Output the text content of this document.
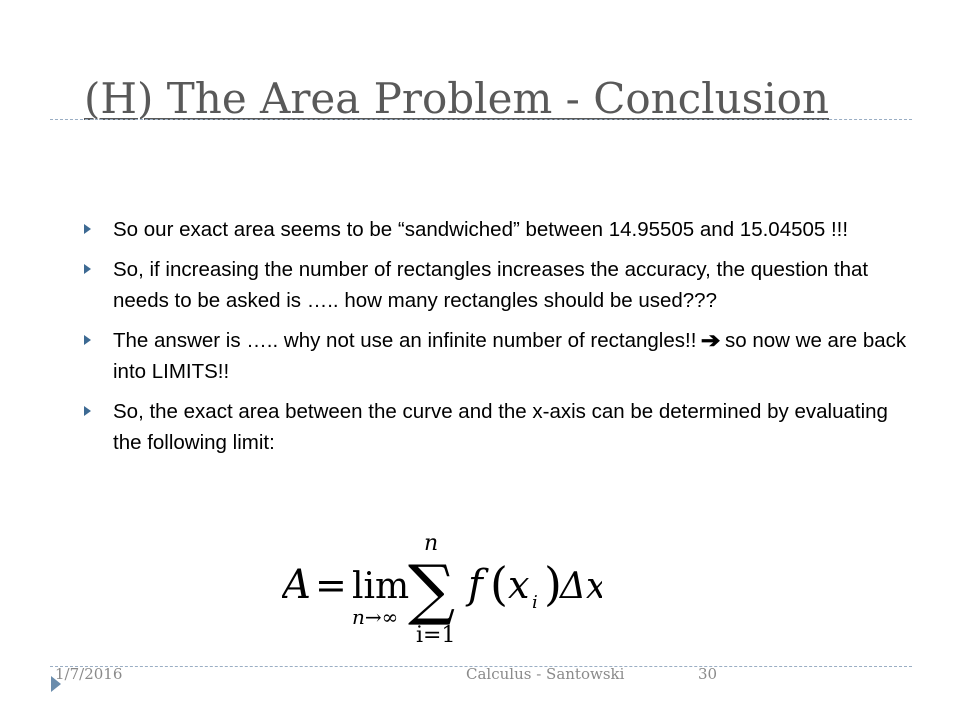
(H) The Area Problem - Conclusion
So our exact area seems to be “sandwiched” between 14.95505 and 15.04505 !!!
So, if increasing the number of rectangles increases the accuracy, the question that needs to be asked is ….. how many rectangles should be used???
The answer is ….. why not use an infinite number of rectangles!! ➔ so now we are back into LIMITS!!
So, the exact area between the curve and the x-axis can be determined by evaluating the following limit:
A = lim
n→∞
n
∑
i=1
f ( x i )
Δx
1/7/2016	Calculus - Santowski	30
